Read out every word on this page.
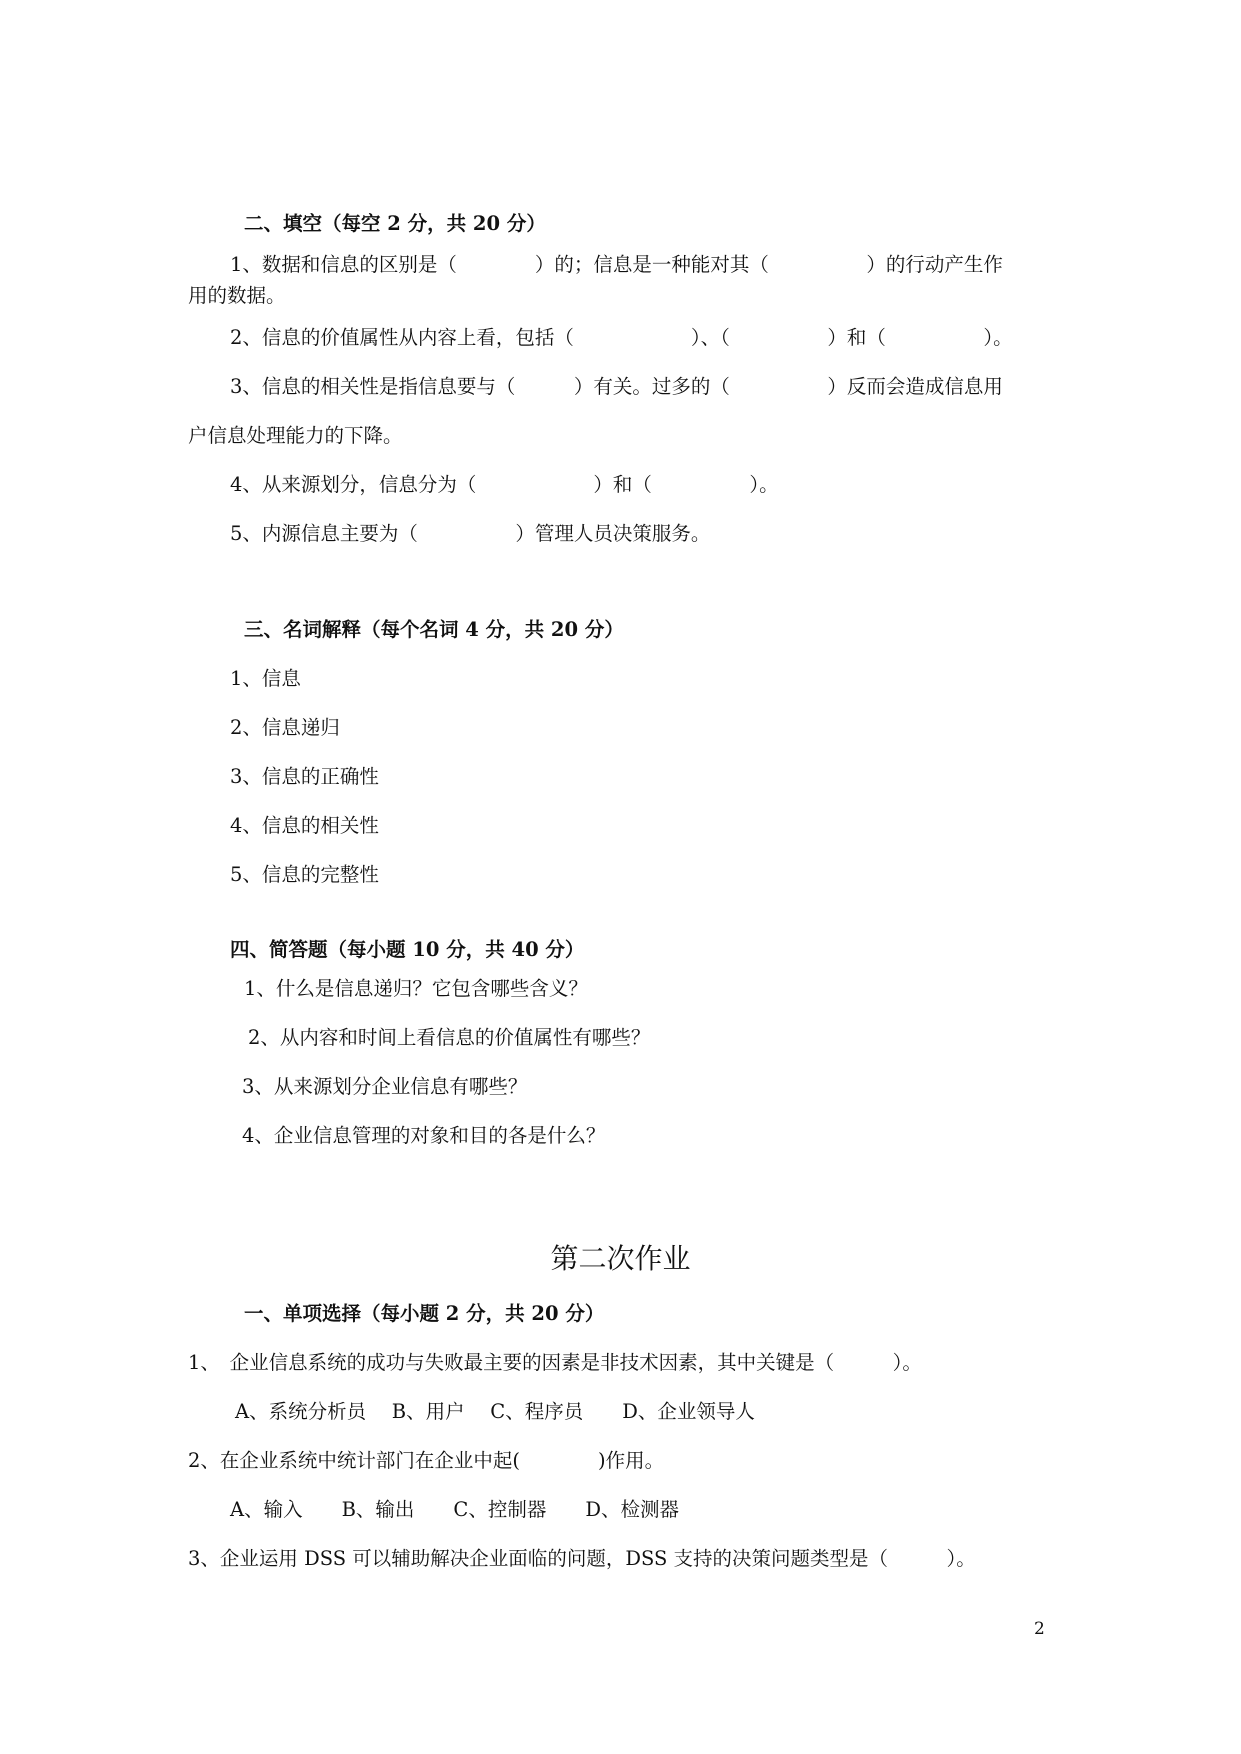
二、填空（每空 2 分，共 20 分）
1、数据和信息的区别是（　　　　）的；信息是一种能对其（　　　　　）的行动产生作
用的数据。
2、信息的价值属性从内容上看，包括（　　　　　　）、（　　　　　）和（　　　　　）。
3、信息的相关性是指信息要与（　　　）有关。过多的（　　　　　）反而会造成信息用
户信息处理能力的下降。
4、从来源划分，信息分为（　　　　　　）和（　　　　　）。
5、内源信息主要为（　　　　　）管理人员决策服务。
三、名词解释（每个名词 4 分，共 20 分）
1、信息
2、信息递归
3、信息的正确性
4、信息的相关性
5、信息的完整性
四、简答题（每小题 10 分，共 40 分）
1、什么是信息递归？它包含哪些含义？
2、从内容和时间上看信息的价值属性有哪些？
3、从来源划分企业信息有哪些？
4、企业信息管理的对象和目的各是什么？
第二次作业
一、单项选择（每小题 2 分，共 20 分）
1、　企业信息系统的成功与失败最主要的因素是非技术因素，其中关键是（　　　）。
A、系统分析员　 B、用户　 C、程序员　　D、企业领导人
2、在企业系统中统计部门在企业中起(　　　　)作用。
A、输入　　B、输出　　C、控制器　　D、检测器
3、企业运用 DSS 可以辅助解决企业面临的问题，DSS 支持的决策问题类型是（　　　）。
2
